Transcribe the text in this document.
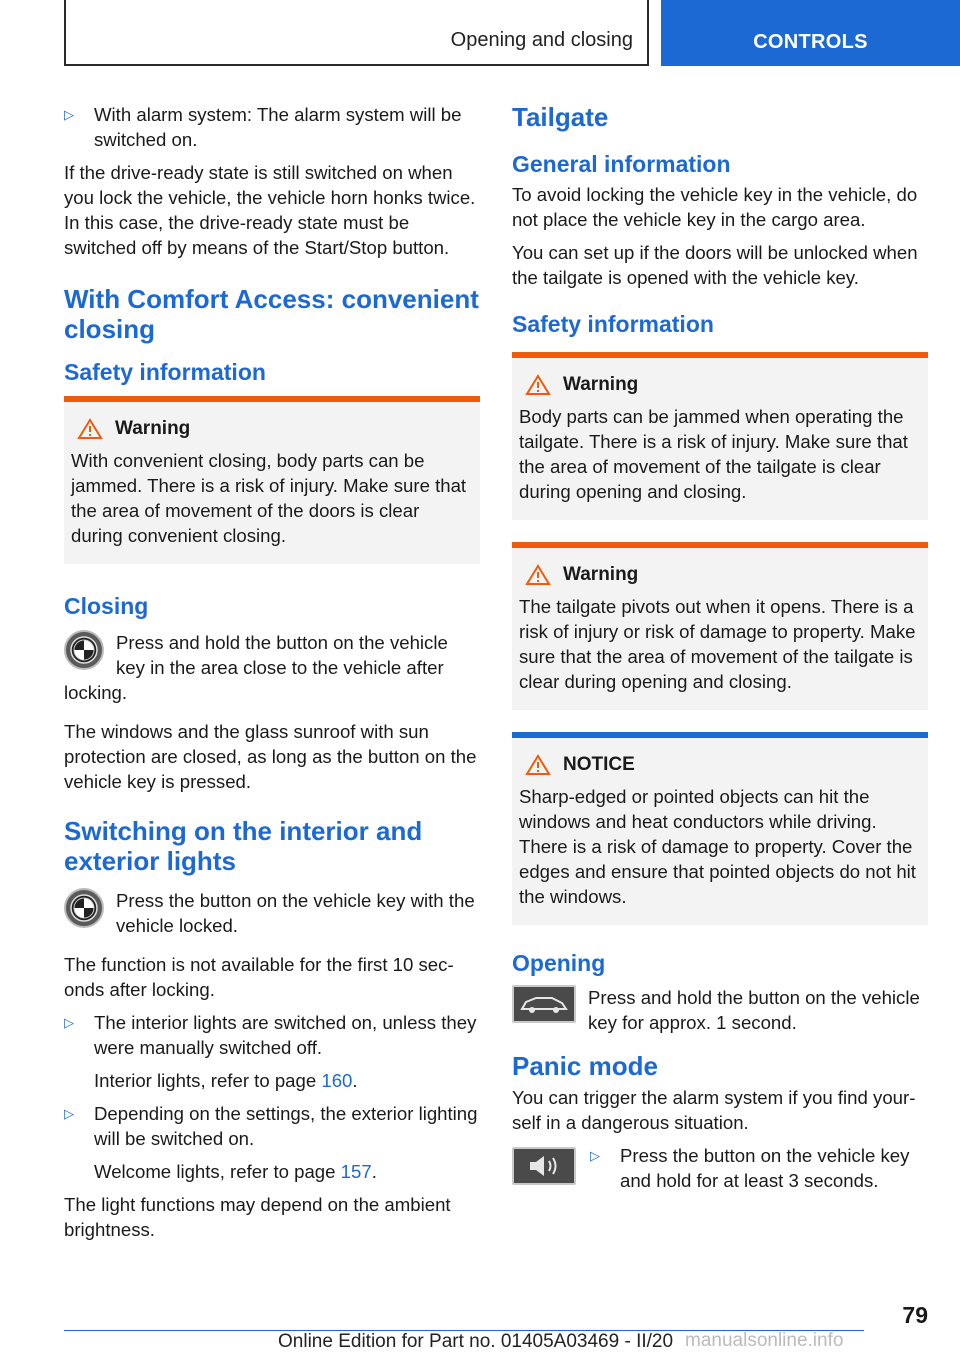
Opening and closing	CONTROLS
▷ With alarm system: The alarm system will be switched on.

If the drive-ready state is still switched on when you lock the vehicle, the vehicle horn honks twice. In this case, the drive-ready state must be switched off by means of the Start/Stop button.

With Comfort Access: convenient closing
Safety information
Warning

With convenient closing, body parts can be jammed. There is a risk of injury. Make sure that the area of movement of the doors is clear during convenient closing.

Closing
Press and hold the button on the vehicle key in the area close to the vehicle after locking.

The windows and the glass sunroof with sun protection are closed, as long as the button on the vehicle key is pressed.

Switching on the interior and exterior lights
Press the button on the vehicle key with the vehicle locked.

The function is not available for the first 10 seconds after locking.

▷ The interior lights are switched on, unless they were manually switched off.

Interior lights, refer to page 160.

▷ Depending on the settings, the exterior lighting will be switched on.

Welcome lights, refer to page 157.

The light functions may depend on the ambient brightness.

Tailgate
General information

To avoid locking the vehicle key in the vehicle, do not place the vehicle key in the cargo area.

You can set up if the doors will be unlocked when the tailgate is opened with the vehicle key.

Safety information
Warning

Body parts can be jammed when operating the tailgate. There is a risk of injury. Make sure that the area of movement of the tailgate is clear during opening and closing.

Warning

The tailgate pivots out when it opens. There is a risk of injury or risk of damage to property. Make sure that the area of movement of the tailgate is clear during opening and closing.

NOTICE

Sharp-edged or pointed objects can hit the windows and heat conductors while driving. There is a risk of damage to property. Cover the edges and ensure that pointed objects do not hit the windows.

Opening
Press and hold the button on the vehicle key for approx. 1 second.
Panic mode

You can trigger the alarm system if you find yourself in a dangerous situation.

▷ Press the button on the vehicle key and hold for at least 3 seconds.
79
Online Edition for Part no. 01405A03469 - II/20 manualsonline.info
